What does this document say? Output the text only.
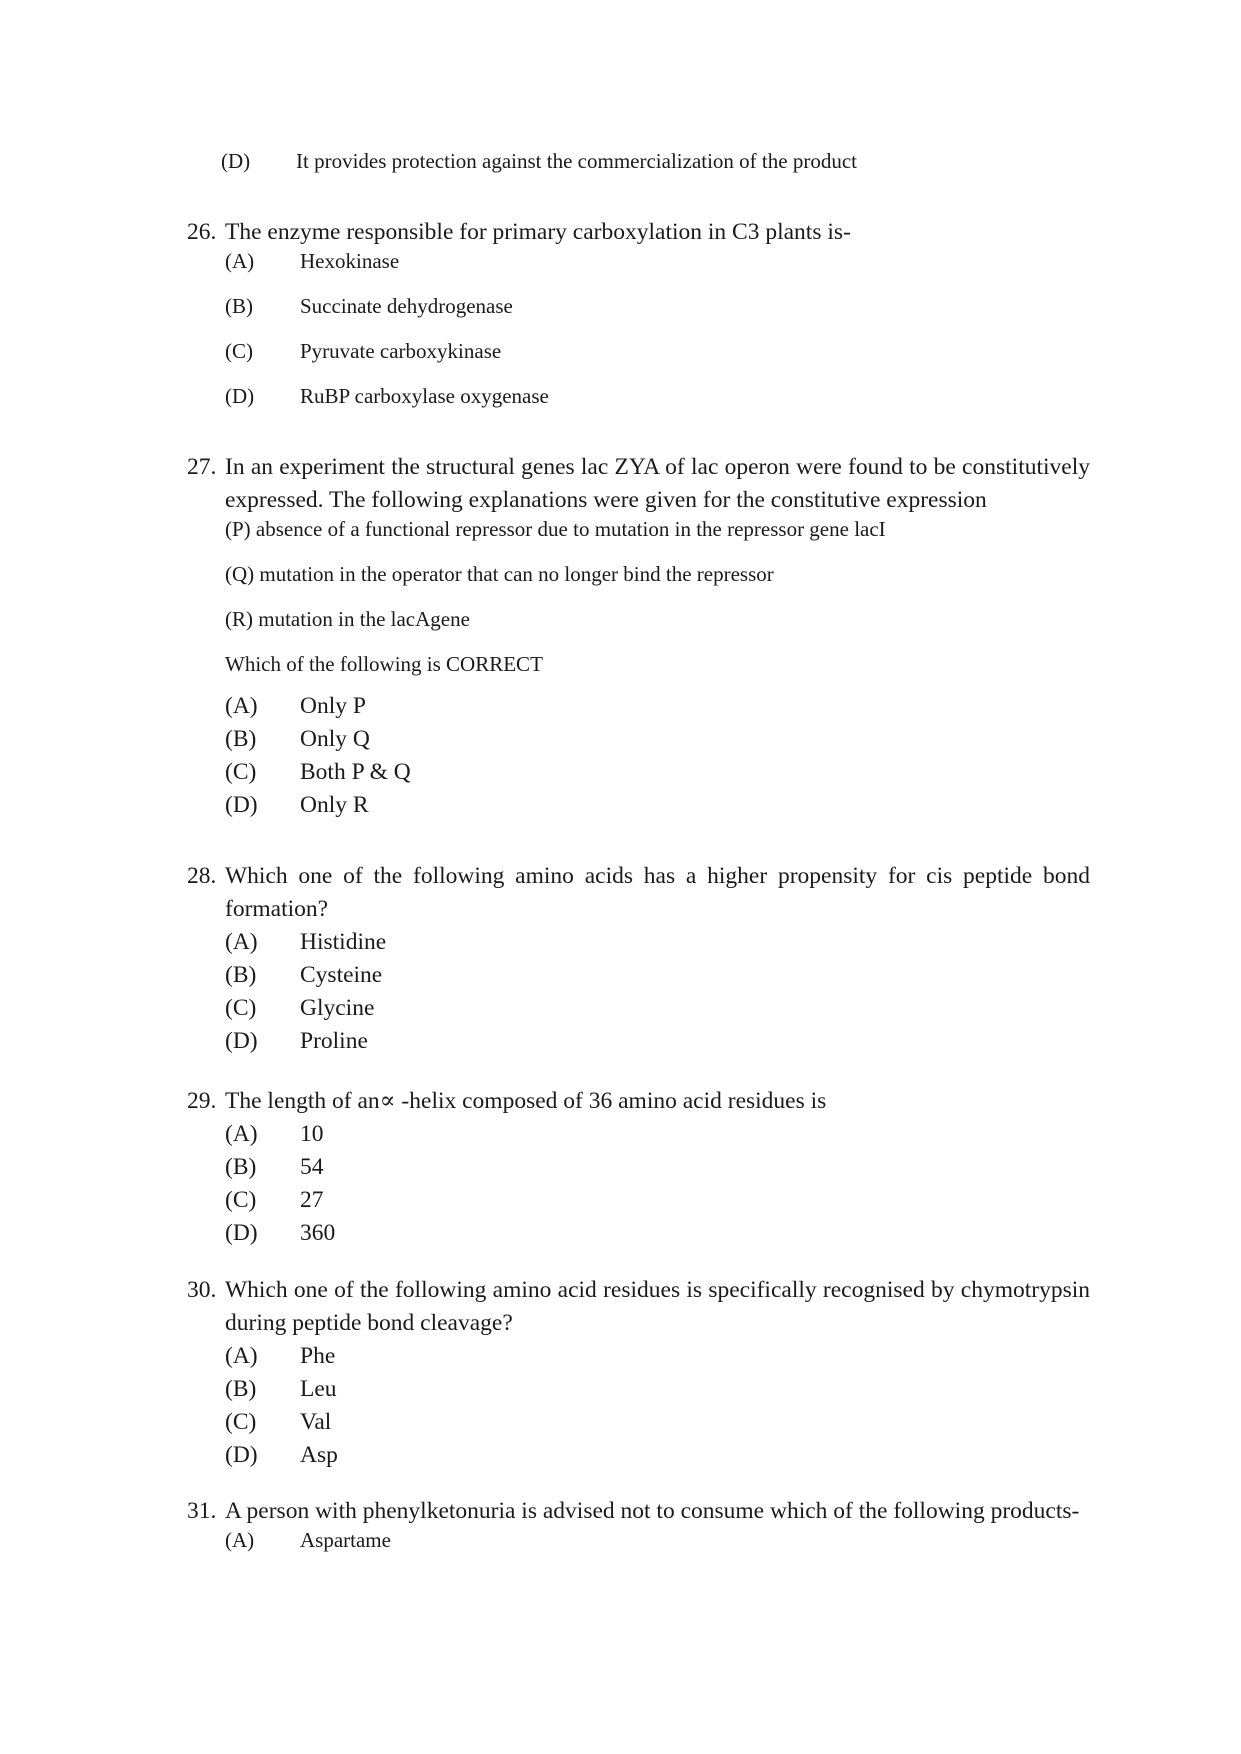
(D)	It provides protection against the commercialization of the product
26. The enzyme responsible for primary carboxylation in C3 plants is-
(A)	Hexokinase
(B)	Succinate dehydrogenase
(C)	Pyruvate carboxykinase
(D)	RuBP carboxylase oxygenase
27. In an experiment the structural genes lac ZYA of lac operon were found to be constitutively expressed. The following explanations were given for the constitutive expression
(P) absence of a functional repressor due to mutation in the repressor gene lacI
(Q) mutation in the operator that can no longer bind the repressor
(R) mutation in the lacAgene
Which of the following is CORRECT
(A)	Only P
(B)	Only Q
(C)	Both P & Q
(D)	Only R
28. Which one of the following amino acids has a higher propensity for cis peptide bond formation?
(A)	Histidine
(B)	Cysteine
(C)	Glycine
(D)	Proline
29. The length of an∝ -helix composed of 36 amino acid residues is
(A)	10
(B)	54
(C)	27
(D)	360
30. Which one of the following amino acid residues is specifically recognised by chymotrypsin during peptide bond cleavage?
(A)	Phe
(B)	Leu
(C)	Val
(D)	Asp
31. A person with phenylketonuria is advised not to consume which of the following products-
(A)	Aspartame
